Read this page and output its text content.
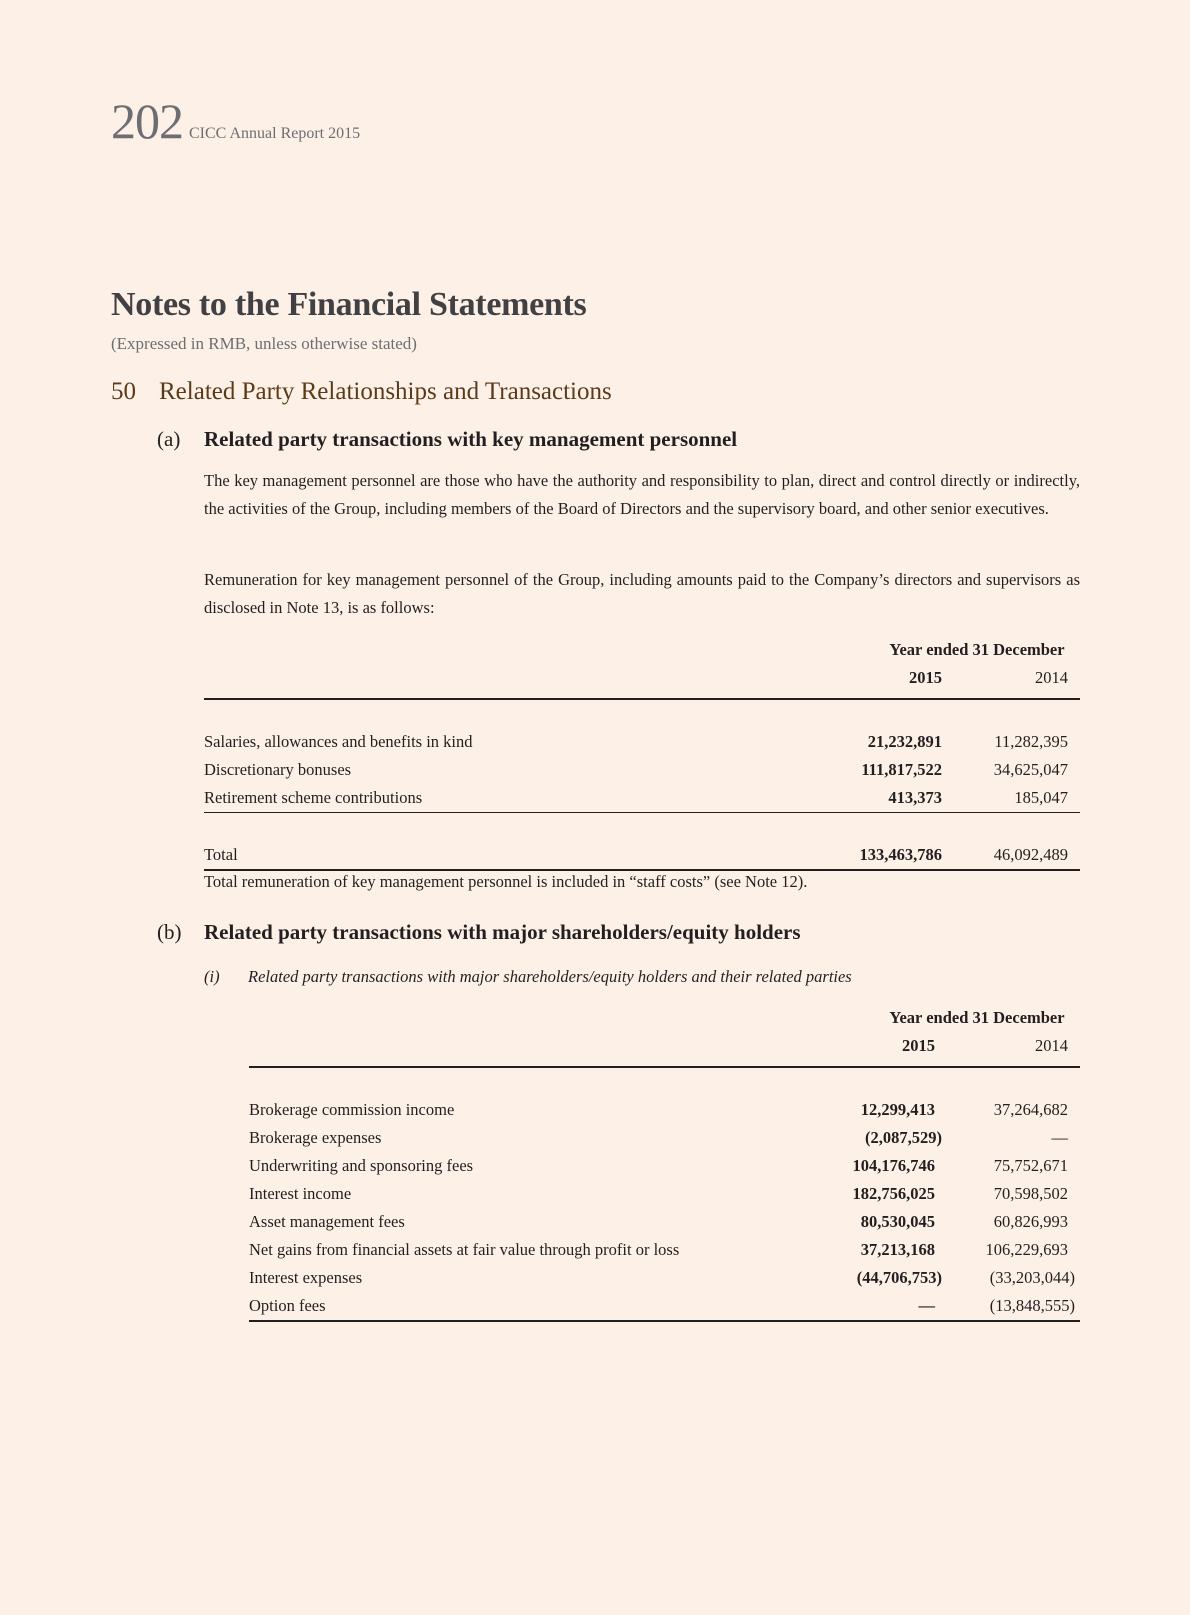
202 CICC Annual Report 2015
Notes to the Financial Statements
(Expressed in RMB, unless otherwise stated)
50 Related Party Relationships and Transactions
(a)	Related party transactions with key management personnel

The key management personnel are those who have the authority and responsibility to plan, direct and control directly or indirectly, the activities of the Group, including members of the Board of Directors and the supervisory board, and other senior executives.

Remuneration for key management personnel of the Group, including amounts paid to the Company’s directors and supervisors as disclosed in Note 13, is as follows:

	Year ended 31 December	
	2015	2014

Salaries, allowances and benefits in kind	21,232,891	11,282,395
Discretionary bonuses	111,817,522	34,625,047
Retirement scheme contributions	413,373	185,047

Total	133,463,786	46,092,489

Total remuneration of key management personnel is included in “staff costs” (see Note 12).

(b)	Related party transactions with major shareholders/equity holders
(i)	Related party transactions with major shareholders/equity holders and their related parties
	Year ended 31 December	
	2015	2014

Brokerage commission income	12,299,413	37,264,682
Brokerage expenses	(2,087,529)	—
Underwriting and sponsoring fees	104,176,746	75,752,671
Interest income	182,756,025	70,598,502
Asset management fees	80,530,045	60,826,993
Net gains from financial assets at fair value through profit or loss	37,213,168	106,229,693
Interest expenses	(44,706,753)	(33,203,044)
Option fees	—	(13,848,555)
